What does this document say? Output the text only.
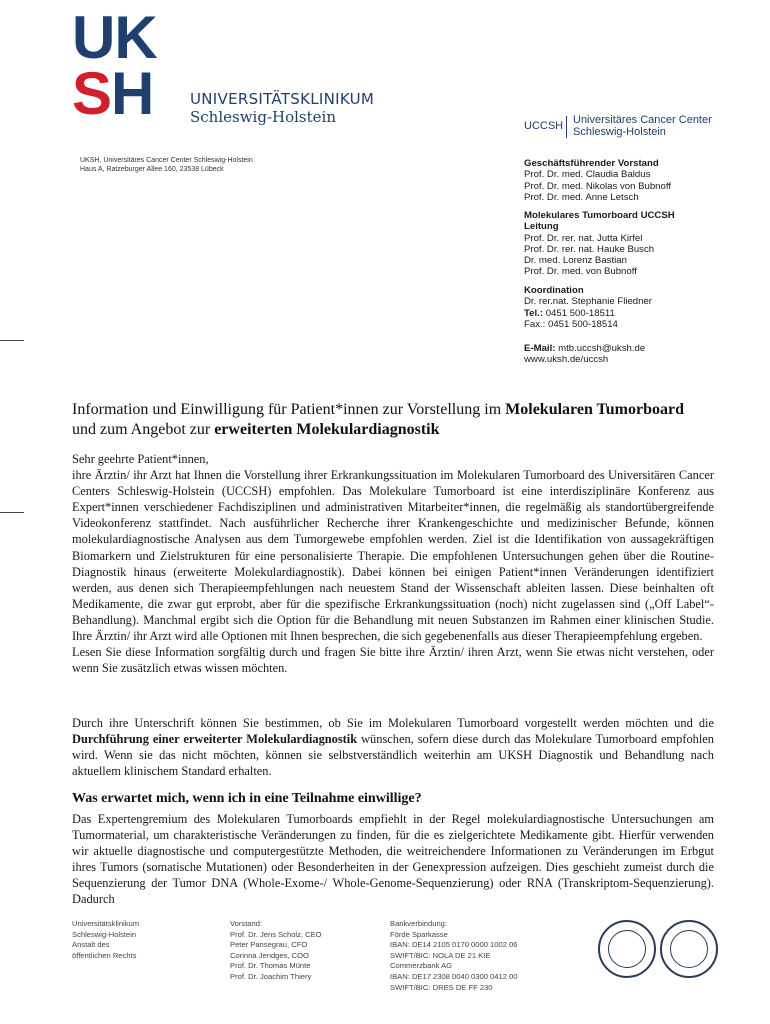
UK
SH UNIVERSITÄTSKLINIKUM
Schleswig-Holstein	UCCSH Universitäres Cancer Center
Schleswig-Holstein
UKSH, Universitäres Cancer Center Schleswig-Holstein
Haus A, Ratzeburger Allee 160, 23538 Lübeck
Geschäftsführender Vorstand
Prof. Dr. med. Claudia Baldus
Prof. Dr. med. Nikolas von Bubnoff
Prof. Dr. med. Anne Letsch
Molekulares Tumorboard UCCSH
Leitung
Prof. Dr. rer. nat. Jutta Kirfel
Prof. Dr. rer. nat. Hauke Busch
Dr. med. Lorenz Bastian
Prof. Dr. med. von Bubnoff
Koordination
Dr. rer.nat. Stephanie Fliedner
Tel.: 0451 500-18511
Fax.: 0451 500-18514
E-Mail: mtb.uccsh@uksh.de
www.uksh.de/uccsh
Information und Einwilligung für Patient*innen zur Vorstellung im Molekularen Tumorboard
und zum Angebot zur erweiterten Molekulardiagnostik

Sehr geehrte Patient*innen,

ihre Ärztin/ ihr Arzt hat Ihnen die Vorstellung ihrer Erkrankungssituation im Molekularen Tumorboard des Universitären Cancer Centers Schleswig-Holstein (UCCSH) empfohlen. Das Molekulare Tumorboard ist eine interdisziplinäre Konferenz aus Expert*innen verschiedener Fachdisziplinen und administrativen Mitarbeiter*innen, die regelmäßig als standortübergreifende Videokonferenz stattfindet. Nach ausführlicher Recherche ihrer Krankengeschichte und medizinischer Befunde, können molekulardiagnostische Analysen aus dem Tumorgewebe empfohlen werden. Ziel ist die Identifikation von aussagekräftigen Biomarkern und Zielstrukturen für eine personalisierte Therapie. Die empfohlenen Untersuchungen gehen über die Routine-Diagnostik hinaus (erweiterte Molekulardiagnostik). Dabei können bei einigen Patient*innen Veränderungen identifiziert werden, aus denen sich Therapieempfehlungen nach neuestem Stand der Wissenschaft ableiten lassen. Diese beinhalten oft Medikamente, die zwar gut erprobt, aber für die spezifische Erkrankungssituation (noch) nicht zugelassen sind („Off Label“-Behandlung). Manchmal ergibt sich die Option für die Behandlung mit neuen Substanzen im Rahmen einer klinischen Studie. Ihre Ärztin/ ihr Arzt wird alle Optionen mit Ihnen besprechen, die sich gegebenenfalls aus dieser Therapieempfehlung ergeben.

Lesen Sie diese Information sorgfältig durch und fragen Sie bitte ihre Ärztin/ ihren Arzt, wenn Sie etwas nicht verstehen, oder wenn Sie zusätzlich etwas wissen möchten.

Durch ihre Unterschrift können Sie bestimmen, ob Sie im Molekularen Tumorboard vorgestellt werden möchten und die Durchführung einer erweiterter Molekulardiagnostik wünschen, sofern diese durch das Molekulare Tumorboard empfohlen wird. Wenn sie das nicht möchten, können sie selbstverständlich weiterhin am UKSH Diagnostik und Behandlung nach aktuellem klinischem Standard erhalten.

Was erwartet mich, wenn ich in eine Teilnahme einwillige?

Das Expertengremium des Molekularen Tumorboards empfiehlt in der Regel molekulardiagnostische Untersuchungen am Tumormaterial, um charakteristische Veränderungen zu finden, für die es zielgerichtete Medikamente gibt. Hierfür verwenden wir aktuelle diagnostische und computergestützte Methoden, die weitreichendere Informationen zu Veränderungen im Erbgut ihres Tumors (somatische Mutationen) oder Besonderheiten in der Genexpression aufzeigen. Dies geschieht zumeist durch die Sequenzierung der Tumor DNA (Whole-Exome-/ Whole-Genome-Sequenzierung) oder RNA (Transkriptom-Sequenzierung). Dadurch

Universitätsklinikum
Schleswig-Holstein
Anstalt des
öffentlichen Rechts
Vorstand:
Prof. Dr. Jens Scholz, CEO
Peter Pansegrau, CFO
Corinna Jendges, COO
Prof. Dr. Thomas Münte
Prof. Dr. Joachim Thiery
Bankverbindung:
Förde Sparkasse
IBAN: DE14 2105 0170 0000 1002 06
SWIFT/BIC: NOLA DE 21 KIE
Commerzbank AG
IBAN: DE17 2308 0040 0300 0412 00
SWIFT/BIC: DRES DE FF 230
